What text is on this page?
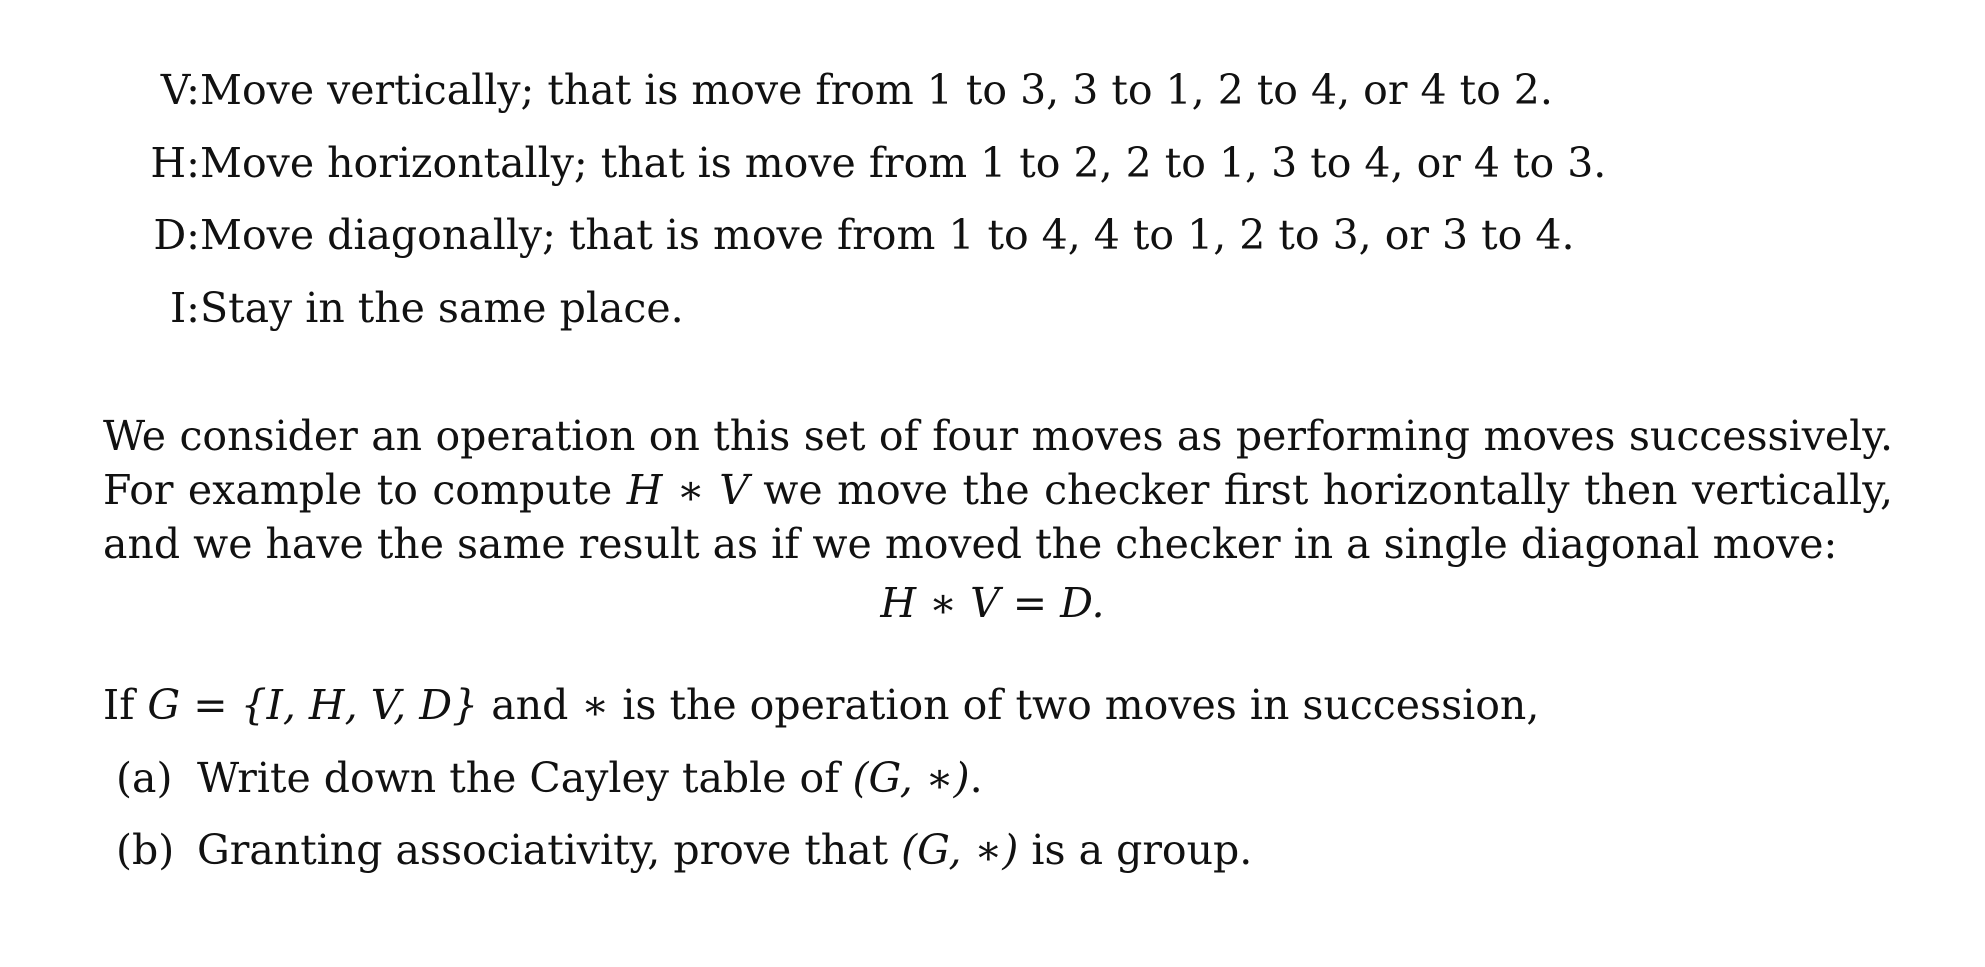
V: Move vertically; that is move from 1 to 3, 3 to 1, 2 to 4, or 4 to 2.
H: Move horizontally; that is move from 1 to 2, 2 to 1, 3 to 4, or 4 to 3.
D: Move diagonally; that is move from 1 to 4, 4 to 1, 2 to 3, or 3 to 4.
I: Stay in the same place.

We consider an operation on this set of four moves as performing moves successively. For example to compute H ∗ V we move the checker first horizontally then vertically, and we have the same result as if we moved the checker in a single diagonal move:

H ∗ V = D.
If G = {I, H, V, D} and ∗ is the operation of two moves in succession,
(a) Write down the Cayley table of (G, ∗).
(b) Granting associativity, prove that (G, ∗) is a group.
